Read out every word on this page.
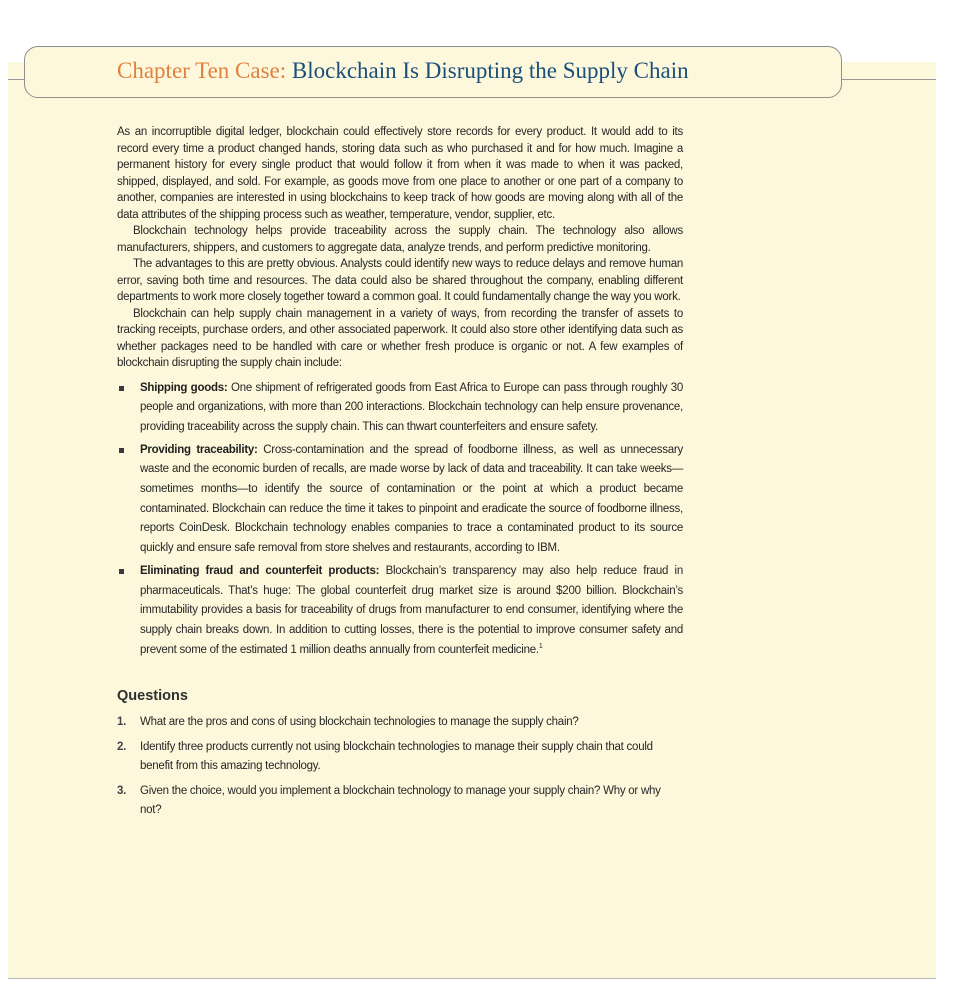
Chapter Ten Case: Blockchain Is Disrupting the Supply Chain

As an incorruptible digital ledger, blockchain could effectively store records for every product. It would add to its record every time a product changed hands, storing data such as who purchased it and for how much. Imagine a permanent history for every single product that would follow it from when it was made to when it was packed, shipped, displayed, and sold. For example, as goods move from one place to another or one part of a company to another, companies are interested in using blockchains to keep track of how goods are moving along with all of the data attributes of the shipping process such as weather, temperature, vendor, supplier, etc.

Blockchain technology helps provide traceability across the supply chain. The technology also allows manufacturers, shippers, and customers to aggregate data, analyze trends, and perform predictive monitoring.

The advantages to this are pretty obvious. Analysts could identify new ways to reduce delays and remove human error, saving both time and resources. The data could also be shared throughout the company, enabling different departments to work more closely together toward a common goal. It could fundamentally change the way you work.

Blockchain can help supply chain management in a variety of ways, from recording the transfer of assets to tracking receipts, purchase orders, and other associated paperwork. It could also store other identifying data such as whether packages need to be handled with care or whether fresh produce is organic or not. A few examples of blockchain disrupting the supply chain include:

Shipping goods: One shipment of refrigerated goods from East Africa to Europe can pass through roughly 30 people and organizations, with more than 200 interactions. Blockchain technology can help ensure provenance, providing traceability across the supply chain. This can thwart counterfeiters and ensure safety.
Providing traceability: Cross-contamination and the spread of foodborne illness, as well as unnecessary waste and the economic burden of recalls, are made worse by lack of data and traceability. It can take weeks—sometimes months—to identify the source of contamination or the point at which a product became contaminated. Blockchain can reduce the time it takes to pinpoint and eradicate the source of foodborne illness, reports CoinDesk. Blockchain technology enables companies to trace a contaminated product to its source quickly and ensure safe removal from store shelves and restaurants, according to IBM.
Eliminating fraud and counterfeit products: Blockchain’s transparency may also help reduce fraud in pharmaceuticals. That’s huge: The global counterfeit drug market size is around $200 billion. Blockchain’s immutability provides a basis for traceability of drugs from manufacturer to end consumer, identifying where the supply chain breaks down. In addition to cutting losses, there is the potential to improve consumer safety and prevent some of the estimated 1 million deaths annually from counterfeit medicine.$^1$
Questions
1. What are the pros and cons of using blockchain technologies to manage the supply chain?
2. Identify three products currently not using blockchain technologies to manage their supply chain that could benefit from this amazing technology.
3. Given the choice, would you implement a blockchain technology to manage your supply chain? Why or why not?
